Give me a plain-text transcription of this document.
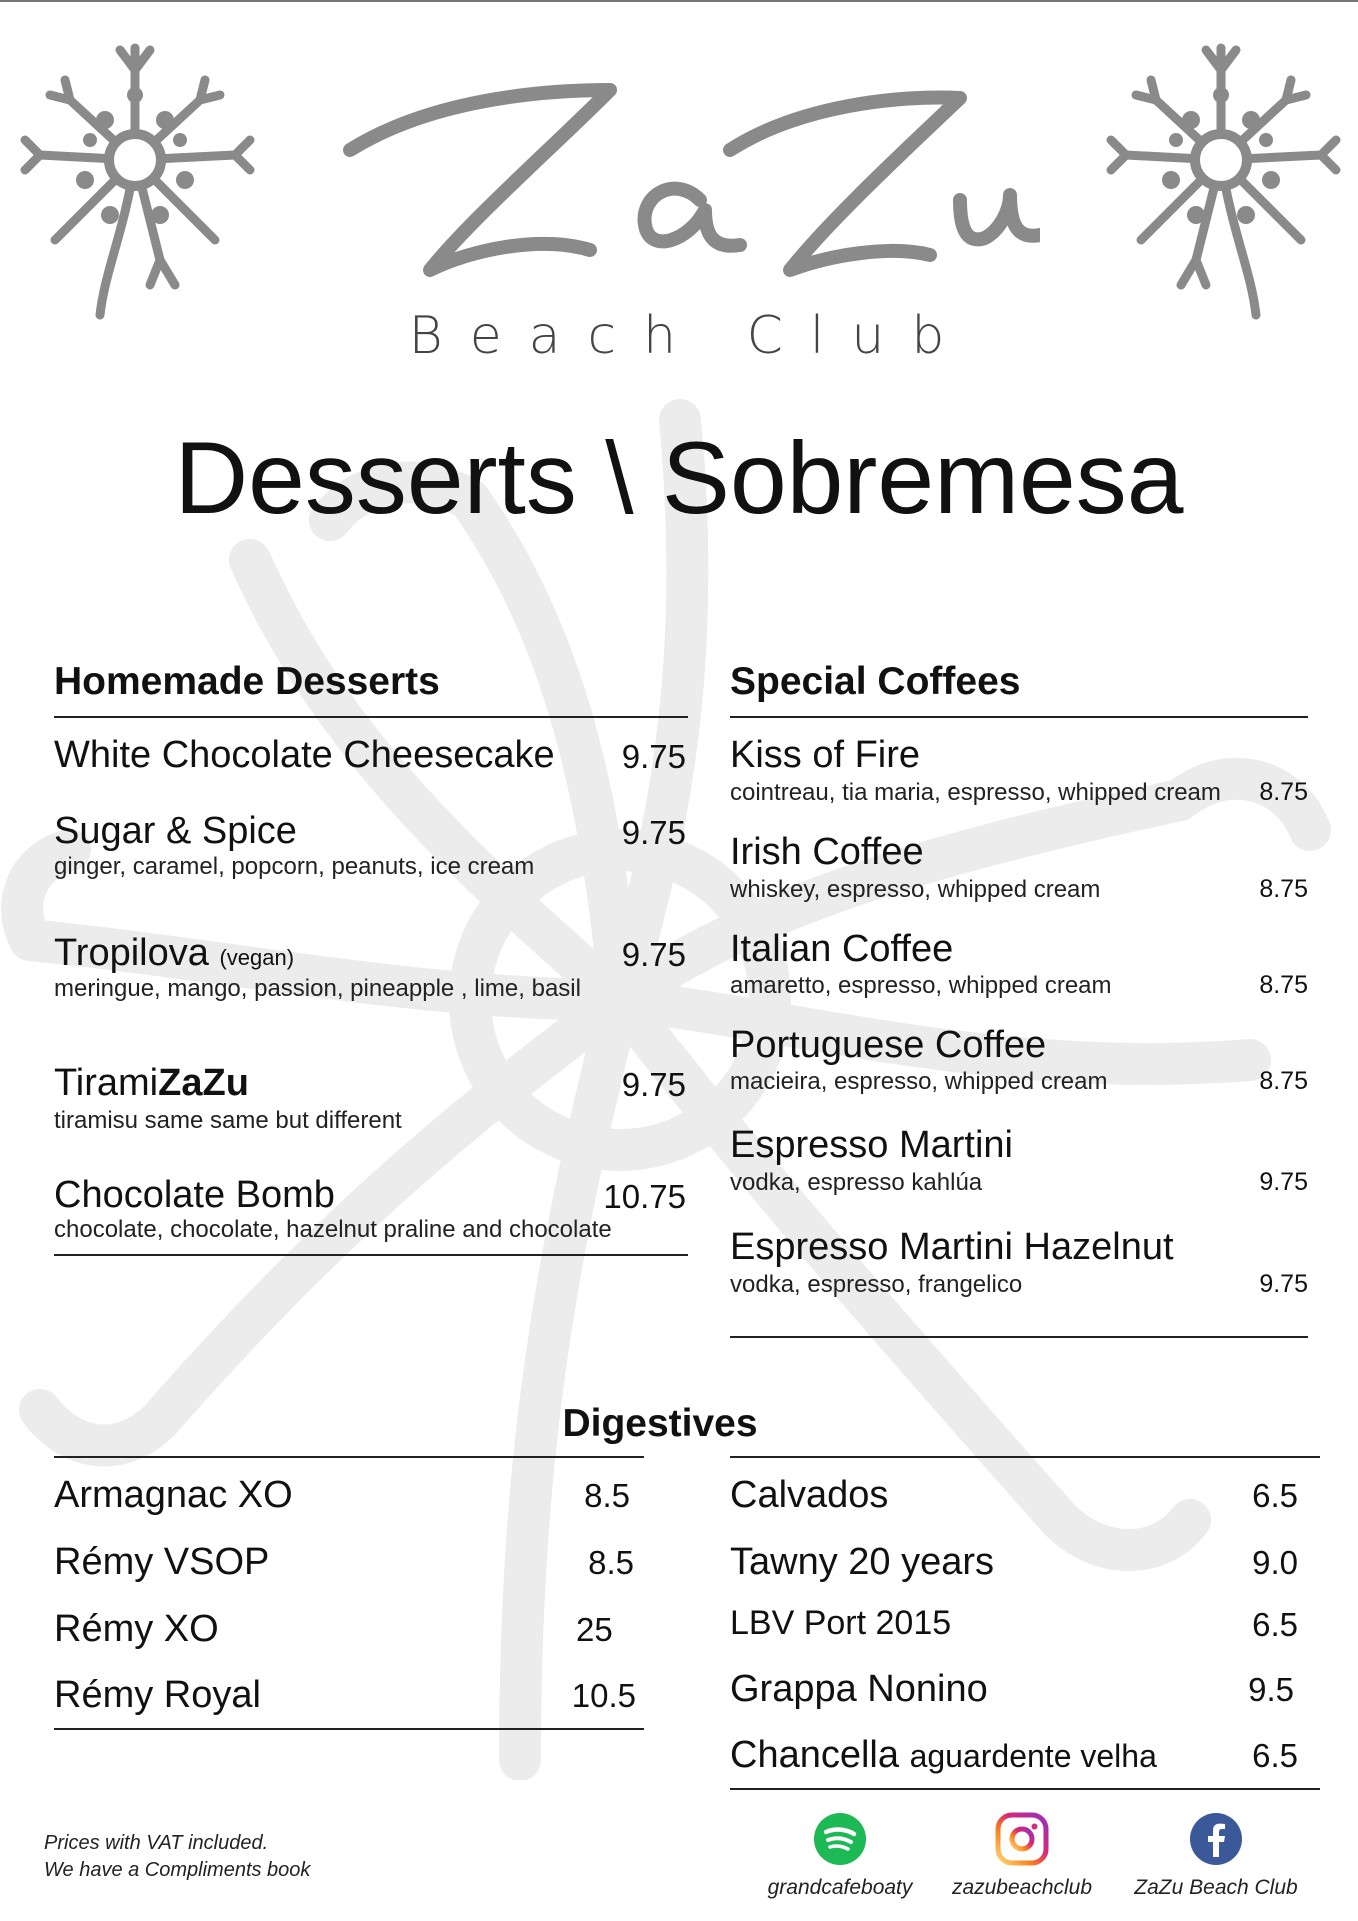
Beach Club
Desserts \ Sobremesa
Homemade Desserts
White Chocolate Cheesecake	9.75
Sugar & Spice	9.75
ginger, caramel, popcorn, peanuts, ice cream
Tropilova (vegan)	9.75
meringue, mango, passion, pineapple , lime, basil
TiramiZaZu	9.75
tiramisu same same but different
Chocolate Bomb	10.75
chocolate, chocolate, hazelnut praline and chocolate
Special Coffees
Kiss of Fire
cointreau, tia maria, espresso, whipped cream	8.75
Irish Coffee
whiskey, espresso, whipped cream	8.75
Italian Coffee
amaretto, espresso, whipped cream	8.75
Portuguese Coffee
macieira, espresso, whipped cream	8.75
Espresso Martini
vodka, espresso kahlúa	9.75
Espresso Martini Hazelnut
vodka, espresso, frangelico	9.75
Digestives
Armagnac XO	8.5
Rémy VSOP	8.5
Rémy XO	25
Rémy Royal	10.5
Calvados	6.5
Tawny 20 years	9.0
LBV Port 2015	6.5
Grappa Nonino	9.5
Chancella aguardente velha	6.5
Prices with VAT included.
We have a Compliments book
grandcafeboaty	zazubeachclub	ZaZu Beach Club
